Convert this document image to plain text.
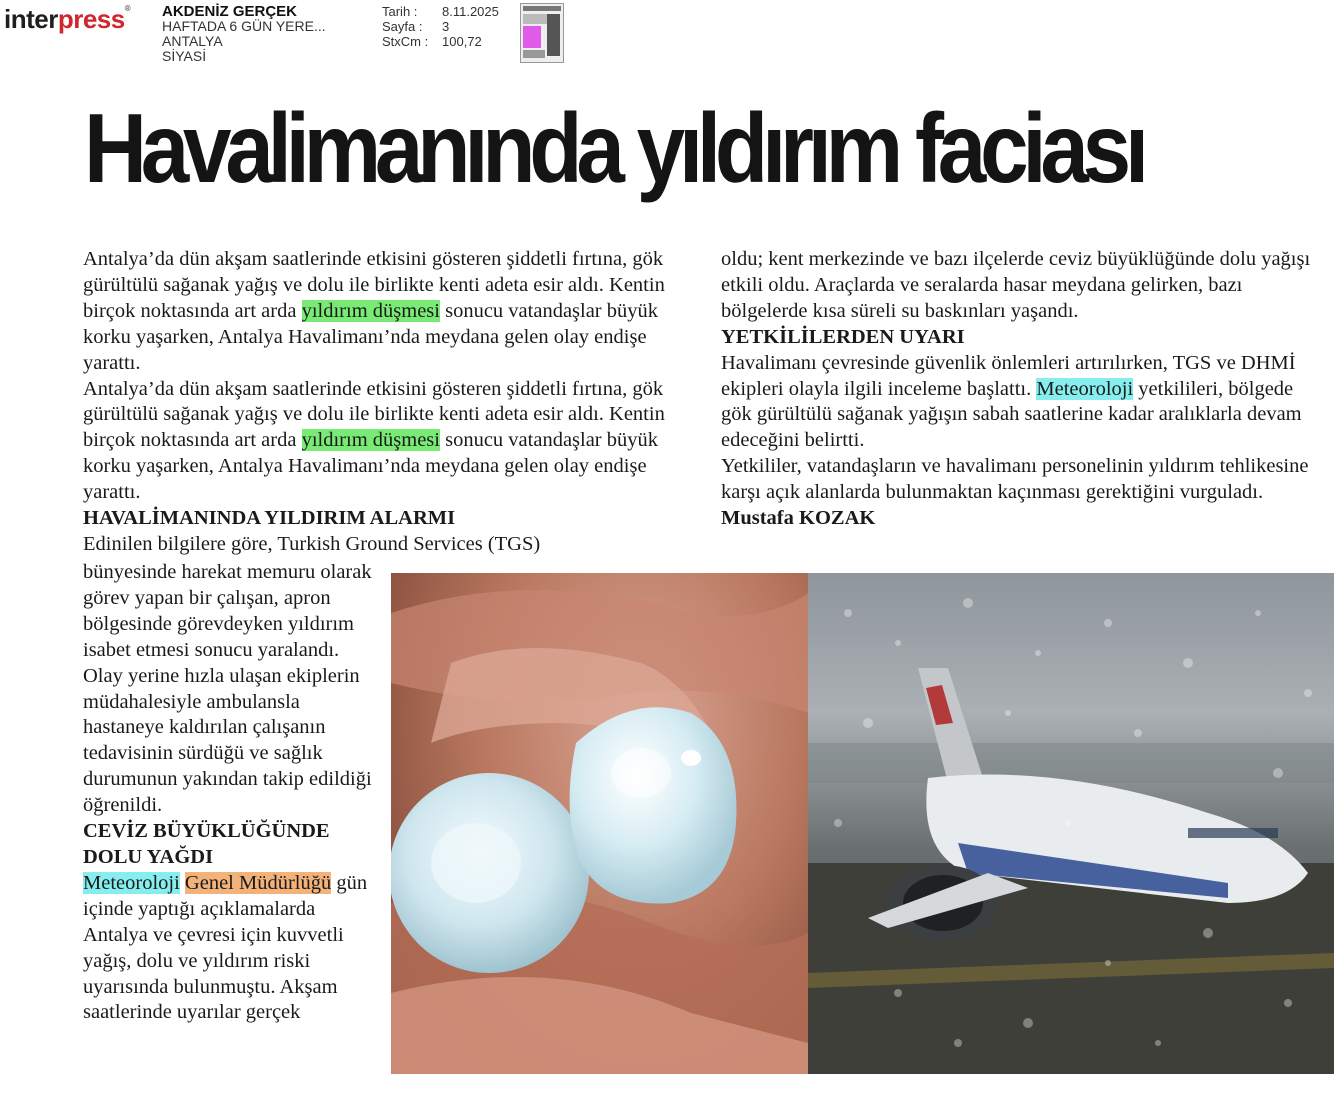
interpress® AKDENİZ GERÇEK
HAFTADA 6 GÜN YERE...
ANTALYA
SİYASİ
Tarih :	8.11.2025
Sayfa :	3
StxCm :	100,72
Havalimanında yıldırım faciası

Antalya’da dün akşam saatlerinde etkisini gösteren şiddetli fırtına, gök gürültülü sağanak yağış ve dolu ile birlikte kenti adeta esir aldı. Kentin birçok noktasında art arda yıldırım düşmesi sonucu vatandaşlar büyük korku yaşarken, Antalya Havalimanı’nda meydana gelen olay endişe yarattı.

Antalya’da dün akşam saatlerinde etkisini gösteren şiddetli fırtına, gök gürültülü sağanak yağış ve dolu ile birlikte kenti adeta esir aldı. Kentin birçok noktasında art arda yıldırım düşmesi sonucu vatandaşlar büyük korku yaşarken, Antalya Havalimanı’nda meydana gelen olay endişe yarattı.

HAVALİMANINDA YILDIRIM ALARMI

Edinilen bilgilere göre, Turkish Ground Services (TGS)

bünyesinde harekat memuru olarak görev yapan bir çalışan, apron bölgesinde görevdeyken yıldırım isabet etmesi sonucu yaralandı. Olay yerine hızla ulaşan ekiplerin müdahalesiyle ambulansla hastaneye kaldırılan çalışanın tedavisinin sürdüğü ve sağlık durumunun yakından takip edildiği öğrenildi.

CEVİZ BÜYÜKLÜĞÜNDE DOLU YAĞDI

Meteoroloji Genel Müdürlüğü gün içinde yaptığı açıklamalarda Antalya ve çevresi için kuvvetli yağış, dolu ve yıldırım riski uyarısında bulunmuştu. Akşam saatlerinde uyarılar gerçek

oldu; kent merkezinde ve bazı ilçelerde ceviz büyüklüğünde dolu yağışı etkili oldu. Araçlarda ve seralarda hasar meydana gelirken, bazı bölgelerde kısa süreli su baskınları yaşandı.

YETKİLİLERDEN UYARI

Havalimanı çevresinde güvenlik önlemleri artırılırken, TGS ve DHMİ ekipleri olayla ilgili inceleme başlattı. Meteoroloji yetkilileri, bölgede gök gürültülü sağanak yağışın sabah saatlerine kadar aralıklarla devam edeceğini belirtti.

Yetkililer, vatandaşların ve havalimanı personelinin yıldırım tehlikesine karşı açık alanlarda bulunmaktan kaçınması gerektiğini vurguladı.

Mustafa KOZAK
